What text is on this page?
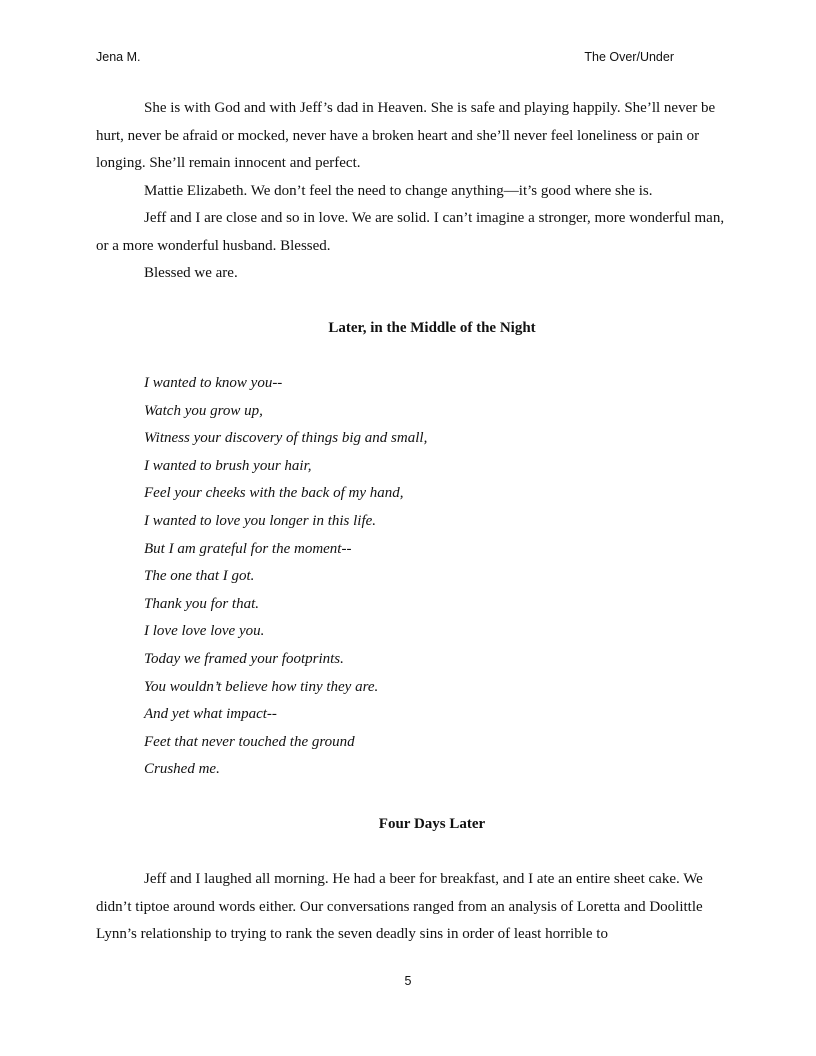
Jena M.	The Over/Under

She is with God and with Jeff’s dad in Heaven. She is safe and playing happily. She’ll never be hurt, never be afraid or mocked, never have a broken heart and she’ll never feel loneliness or pain or longing. She’ll remain innocent and perfect.

Mattie Elizabeth. We don’t feel the need to change anything—it’s good where she is.

Jeff and I are close and so in love. We are solid. I can’t imagine a stronger, more wonderful man, or a more wonderful husband. Blessed.

Blessed we are.

Later, in the Middle of the Night

I wanted to know you--
Watch you grow up,
Witness your discovery of things big and small,
I wanted to brush your hair,
Feel your cheeks with the back of my hand,
I wanted to love you longer in this life.
But I am grateful for the moment--
The one that I got.
Thank you for that.
I love love love you.
Today we framed your footprints.
You wouldn’t believe how tiny they are.
And yet what impact--
Feet that never touched the ground
Crushed me.

Four Days Later

Jeff and I laughed all morning. He had a beer for breakfast, and I ate an entire sheet cake. We didn’t tiptoe around words either. Our conversations ranged from an analysis of Loretta and Doolittle Lynn’s relationship to trying to rank the seven deadly sins in order of least horrible to

5
